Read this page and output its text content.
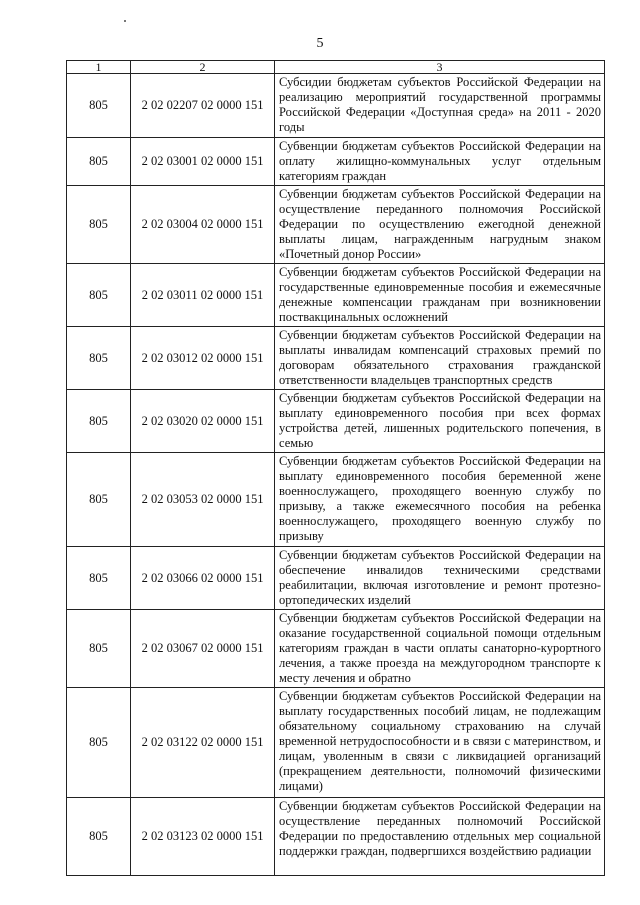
5
1	2	3
805	2 02 02207 02 0000 151	Субсидии бюджетам субъектов Российской Федерации на реализацию мероприятий государственной программы Российской Федерации «Доступная среда» на 2011 - 2020 годы
805	2 02 03001 02 0000 151	Субвенции бюджетам субъектов Российской Федерации на оплату жилищно-коммунальных услуг отдельным категориям граждан
805	2 02 03004 02 0000 151	Субвенции бюджетам субъектов Российской Федерации на осуществление переданного полномочия Российской Федерации по осуществлению ежегодной денежной выплаты лицам, награжденным нагрудным знаком «Почетный донор России»
805	2 02 03011 02 0000 151	Субвенции бюджетам субъектов Российской Федерации на государственные единовременные пособия и ежемесячные денежные компенсации гражданам при возникновении поствакцинальных осложнений
805	2 02 03012 02 0000 151	Субвенции бюджетам субъектов Российской Федерации на выплаты инвалидам компенсаций страховых премий по договорам обязательного страхования гражданской ответственности владельцев транспортных средств
805	2 02 03020 02 0000 151	Субвенции бюджетам субъектов Российской Федерации на выплату единовременного пособия при всех формах устройства детей, лишенных родительского попечения, в семью
805	2 02 03053 02 0000 151	Субвенции бюджетам субъектов Российской Федерации на выплату единовременного пособия беременной жене военнослужащего, проходящего военную службу по призыву, а также ежемесячного пособия на ребенка военнослужащего, проходящего военную службу по призыву
805	2 02 03066 02 0000 151	Субвенции бюджетам субъектов Российской Федерации на обеспечение инвалидов техническими средствами реабилитации, включая изготовление и ремонт протезно-ортопедических изделий
805	2 02 03067 02 0000 151	Субвенции бюджетам субъектов Российской Федерации на оказание государственной социальной помощи отдельным категориям граждан в части оплаты санаторно-курортного лечения, а также проезда на междугородном транспорте к месту лечения и обратно
805	2 02 03122 02 0000 151	Субвенции бюджетам субъектов Российской Федерации на выплату государственных пособий лицам, не подлежащим обязательному социальному страхованию на случай временной нетрудоспособности и в связи с материнством, и лицам, уволенным в связи с ликвидацией организаций (прекращением деятельности, полномочий физическими лицами)
805	2 02 03123 02 0000 151	Субвенции бюджетам субъектов Российской Федерации на осуществление переданных полномочий Российской Федерации по предоставлению отдельных мер социальной поддержки граждан, подвергшихся воздействию радиации
